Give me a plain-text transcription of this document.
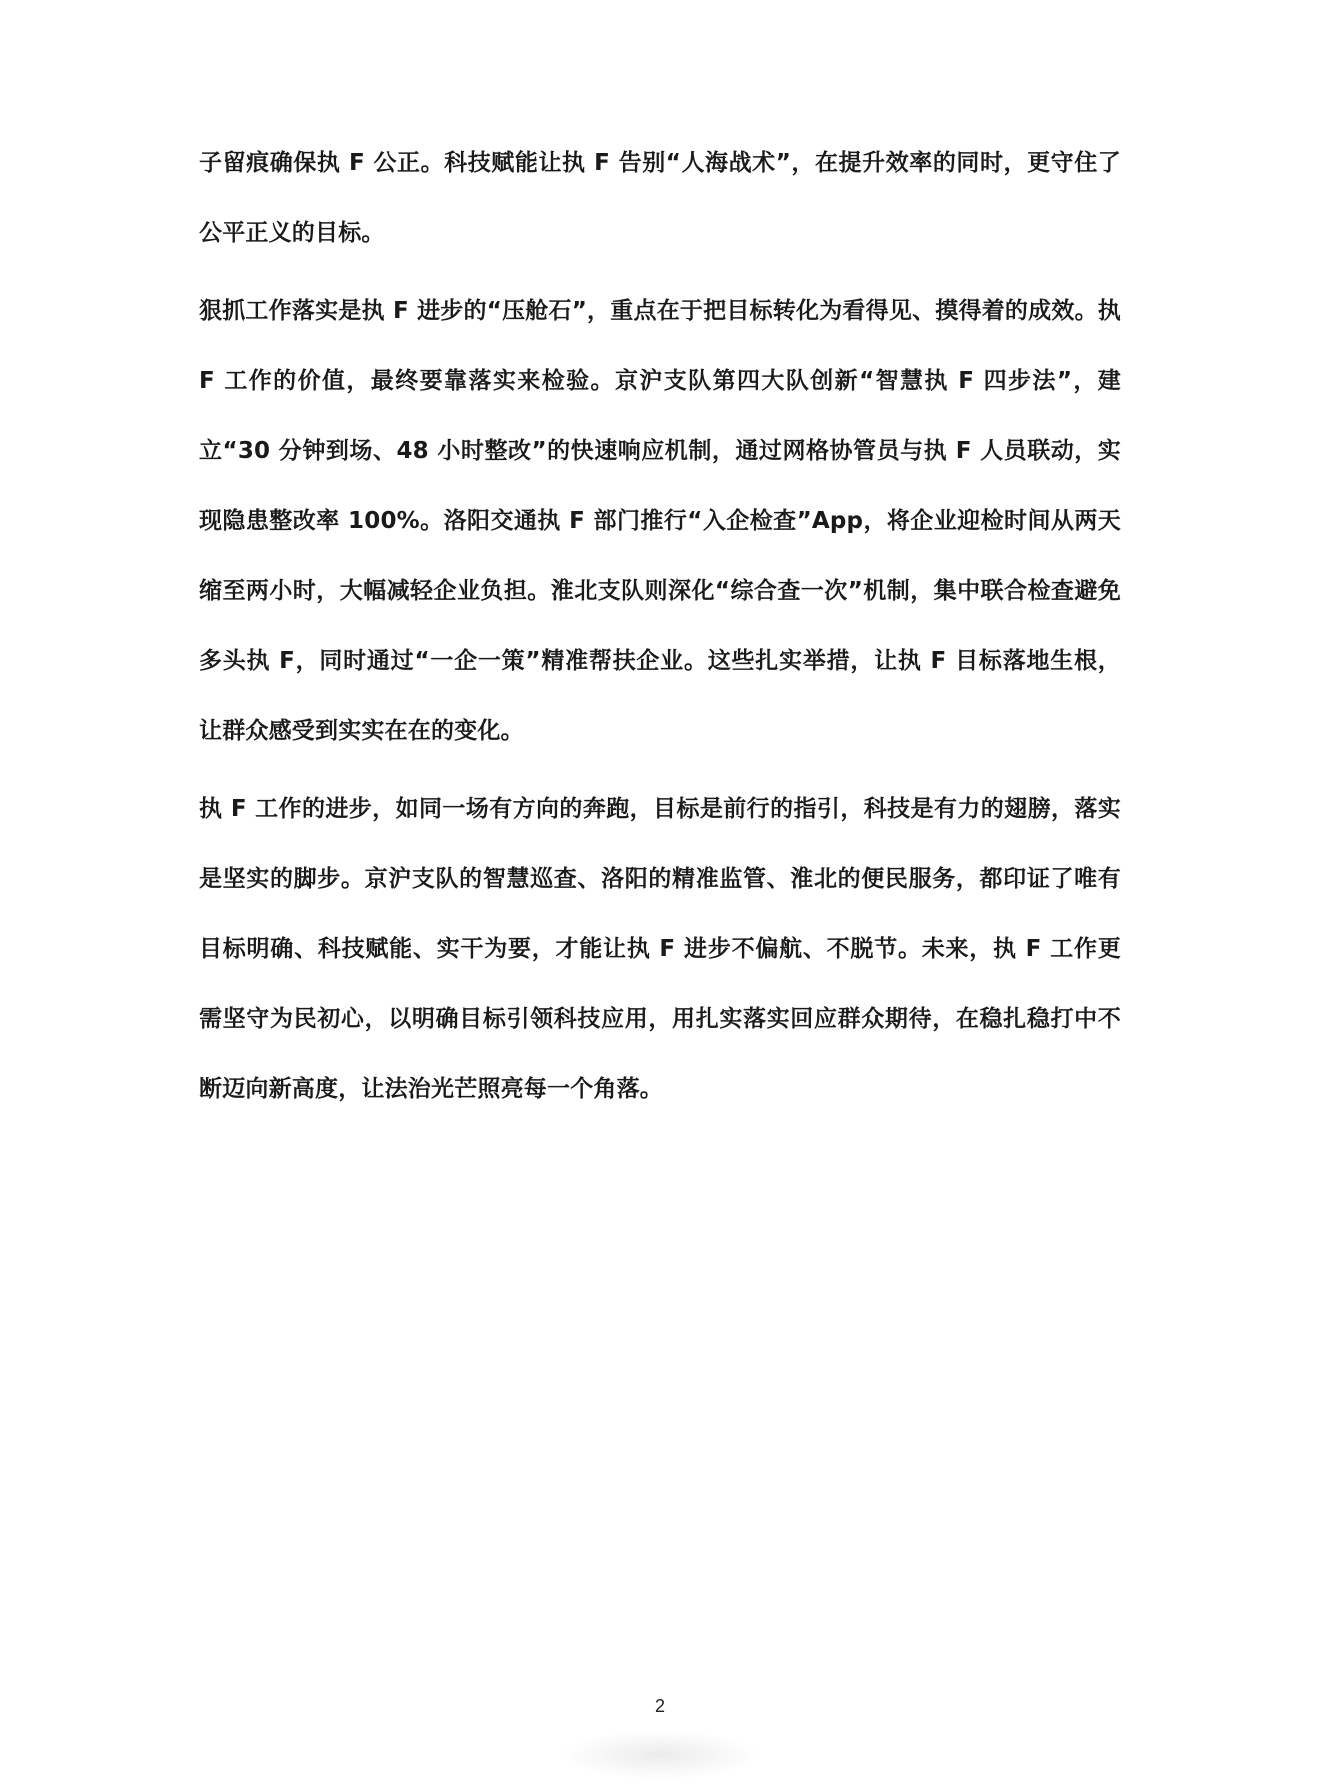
子留痕确保执 F 公正。科技赋能让执 F 告别“人海战术”，在提升效率的同时，更守住了公平正义的目标。

狠抓工作落实是执 F 进步的“压舱石”，重点在于把目标转化为看得见、摸得着的成效。执 F 工作的价值，最终要靠落实来检验。京沪支队第四大队创新“智慧执 F 四步法”，建立“30 分钟到场、48 小时整改”的快速响应机制，通过网格协管员与执 F 人员联动，实现隐患整改率 100%。洛阳交通执 F 部门推行“入企检查”App，将企业迎检时间从两天缩至两小时，大幅减轻企业负担。淮北支队则深化“综合查一次”机制，集中联合检查避免多头执 F，同时通过“一企一策”精准帮扶企业。这些扎实举措，让执 F 目标落地生根，让群众感受到实实在在的变化。

执 F 工作的进步，如同一场有方向的奔跑，目标是前行的指引，科技是有力的翅膀，落实是坚实的脚步。京沪支队的智慧巡查、洛阳的精准监管、淮北的便民服务，都印证了唯有目标明确、科技赋能、实干为要，才能让执 F 进步不偏航、不脱节。未来，执 F 工作更需坚守为民初心，以明确目标引领科技应用，用扎实落实回应群众期待，在稳扎稳打中不断迈向新高度，让法治光芒照亮每一个角落。

2
